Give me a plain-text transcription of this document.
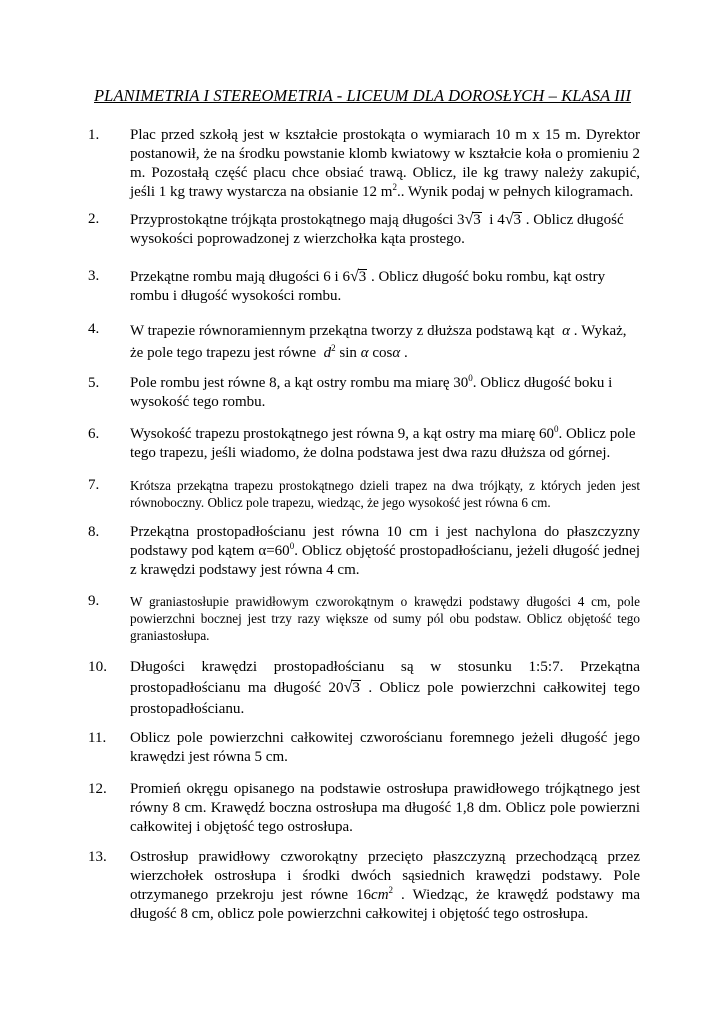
PLANIMETRIA I STEREOMETRIA - LICEUM DLA DOROSŁYCH – KLASA III
1.	Plac przed szkołą jest w kształcie prostokąta o wymiarach 10 m x 15 m. Dyrektor postanowił, że na środku powstanie klomb kwiatowy w kształcie koła o promieniu 2 m. Pozostałą część placu chce obsiać trawą. Oblicz, ile kg trawy należy zakupić, jeśli 1 kg trawy wystarcza na obsianie 12 $m^2$.. Wynik podaj w pełnych kilogramach.
2.	Przyprostokątne trójkąta prostokątnego mają długości 3√3 i 4√3 . Oblicz długość wysokości poprowadzonej z wierzchołka kąta prostego.
3.	Przekątne rombu mają długości 6 i 6√3 . Oblicz długość boku rombu, kąt ostry rombu i długość wysokości rombu.
4.	W trapezie równoramiennym przekątna tworzy z dłuższa podstawą kąt α . Wykaż, że pole tego trapezu jest równe $d^2$ sin α cosα .
5.	Pole rombu jest równe 8, a kąt ostry rombu ma miarę $30^0$. Oblicz długość boku i wysokość tego rombu.
6.	Wysokość trapezu prostokątnego jest równa 9, a kąt ostry ma miarę $60^0$. Oblicz pole tego trapezu, jeśli wiadomo, że dolna podstawa jest dwa razu dłuższa od górnej.
7.	Krótsza przekątna trapezu prostokątnego dzieli trapez na dwa trójkąty, z których jeden jest równoboczny. Oblicz pole trapezu, wiedząc, że jego wysokość jest równa 6 cm.
8.	Przekątna prostopadłościanu jest równa 10 cm i jest nachylona do płaszczyzny podstawy pod kątem $\alpha=60^0$. Oblicz objętość prostopadłościanu, jeżeli długość jednej z krawędzi podstawy jest równa 4 cm.
9.	W graniastosłupie prawidłowym czworokątnym o krawędzi podstawy długości 4 cm, pole powierzchni bocznej jest trzy razy większe od sumy pól obu podstaw. Oblicz objętość tego graniastosłupa.
10.	Długości krawędzi prostopadłościanu są w stosunku 1:5:7. Przekątna prostopadłościanu ma długość 20√3 . Oblicz pole powierzchni całkowitej tego prostopadłościanu.
11.	Oblicz pole powierzchni całkowitej czworościanu foremnego jeżeli długość jego krawędzi jest równa 5 cm.
12.	Promień okręgu opisanego na podstawie ostrosłupa prawidłowego trójkątnego jest równy 8 cm. Krawędź boczna ostrosłupa ma długość 1,8 dm. Oblicz pole powierzni całkowitej i objętość tego ostrosłupa.
13.	Ostrosłup prawidłowy czworokątny przecięto płaszczyzną przechodzącą przez wierzchołek ostrosłupa i środki dwóch sąsiednich krawędzi podstawy. Pole otrzymanego przekroju jest równe $16cm^2$ . Wiedząc, że krawędź podstawy ma długość 8 cm, oblicz pole powierzchni całkowitej i objętość tego ostrosłupa.
